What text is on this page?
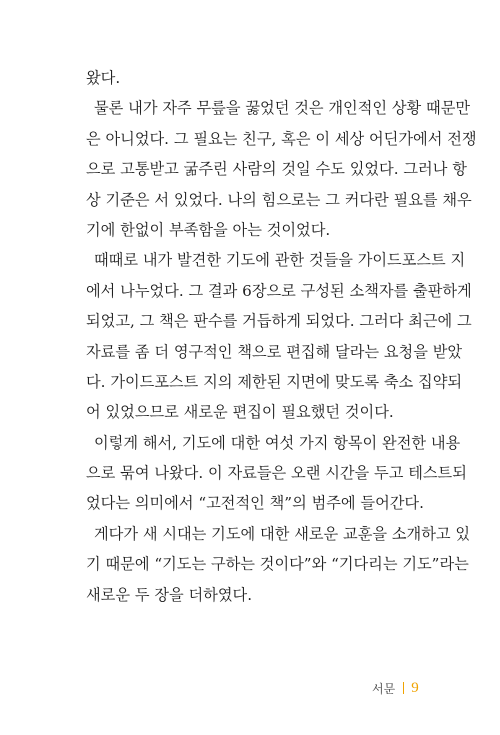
왔다.
물론 내가 자주 무릎을 꿇었던 것은 개인적인 상황 때문만
은 아니었다. 그 필요는 친구, 혹은 이 세상 어딘가에서 전쟁
으로 고통받고 굶주린 사람의 것일 수도 있었다. 그러나 항
상 기준은 서 있었다. 나의 힘으로는 그 커다란 필요를 채우
기에 한없이 부족함을 아는 것이었다.
때때로 내가 발견한 기도에 관한 것들을 가이드포스트 지
에서 나누었다. 그 결과 6장으로 구성된 소책자를 출판하게
되었고, 그 책은 판수를 거듭하게 되었다. 그러다 최근에 그
자료를 좀 더 영구적인 책으로 편집해 달라는 요청을 받았
다. 가이드포스트 지의 제한된 지면에 맞도록 축소 집약되
어 있었으므로 새로운 편집이 필요했던 것이다.
이렇게 해서, 기도에 대한 여섯 가지 항목이 완전한 내용
으로 묶여 나왔다. 이 자료들은 오랜 시간을 두고 테스트되
었다는 의미에서 “고전적인 책”의 범주에 들어간다.
게다가 새 시대는 기도에 대한 새로운 교훈을 소개하고 있
기 때문에 “기도는 구하는 것이다”와 “기다리는 기도”라는
새로운 두 장을 더하였다.
서문 9
